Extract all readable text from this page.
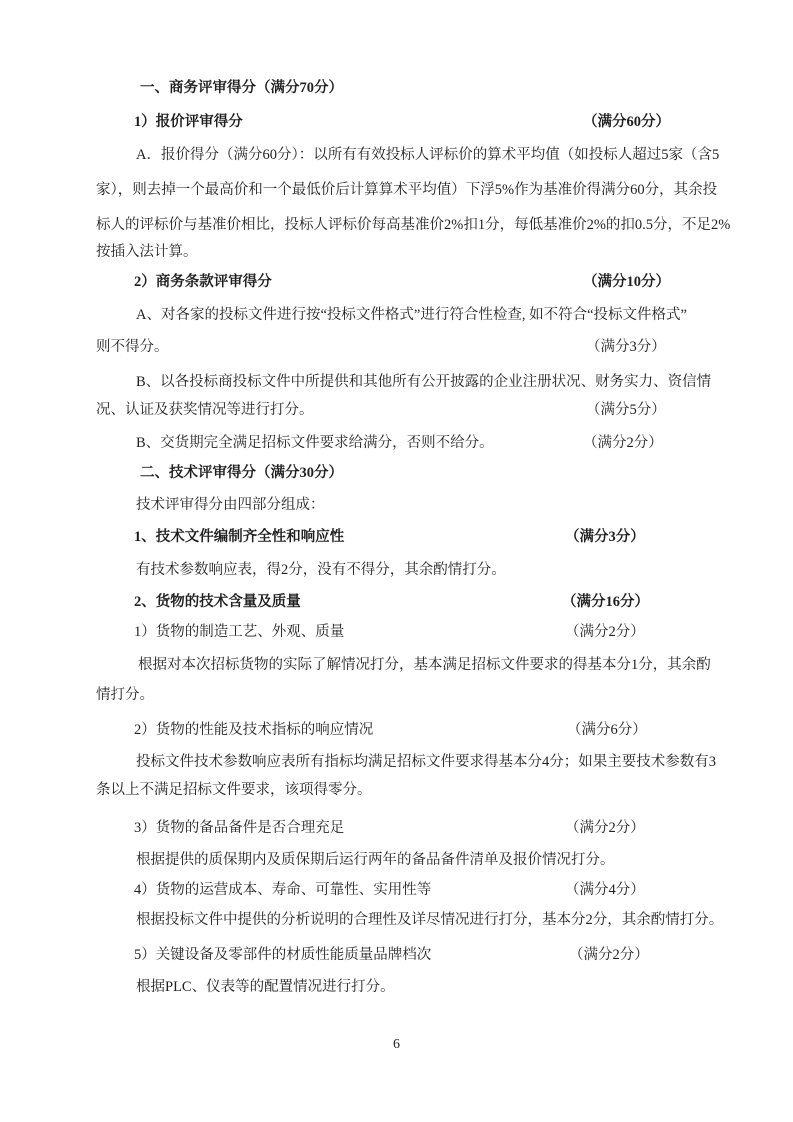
一、商务评审得分（满分70分）
1）报价评审得分	（满分60分）
A．报价得分（满分60分）：以所有有效投标人评标价的算术平均值（如投标人超过5家（含5
家），则去掉一个最高价和一个最低价后计算算术平均值）下浮5%作为基准价得满分60分，其余投
标人的评标价与基准价相比，投标人评标价每高基准价2%扣1分，每低基准价2%的扣0.5分，不足2%
按插入法计算。
2）商务条款评审得分	（满分10分）
A、对各家的投标文件进行按“投标文件格式”进行符合性检查, 如不符合“投标文件格式”
则不得分。	（满分3分）
B、以各投标商投标文件中所提供和其他所有公开披露的企业注册状况、财务实力、资信情
况、认证及获奖情况等进行打分。	（满分5分）
B、交货期完全满足招标文件要求给满分，否则不给分。	（满分2分）
二、技术评审得分（满分30分）
技术评审得分由四部分组成：
1、技术文件编制齐全性和响应性	（满分3分）
有技术参数响应表，得2分，没有不得分，其余酌情打分。
2、货物的技术含量及质量	（满分16分）
1）货物的制造工艺、外观、质量	（满分2分）
根据对本次招标货物的实际了解情况打分，基本满足招标文件要求的得基本分1分，其余酌
情打分。
2）货物的性能及技术指标的响应情况	（满分6分）
投标文件技术参数响应表所有指标均满足招标文件要求得基本分4分；如果主要技术参数有3
条以上不满足招标文件要求，该项得零分。
3）货物的备品备件是否合理充足	（满分2分）
根据提供的质保期内及质保期后运行两年的备品备件清单及报价情况打分。
4）货物的运营成本、寿命、可靠性、实用性等	（满分4分）
根据投标文件中提供的分析说明的合理性及详尽情况进行打分，基本分2分，其余酌情打分。
5）关键设备及零部件的材质性能质量品牌档次	（满分2分）
根据PLC、仪表等的配置情况进行打分。
6
